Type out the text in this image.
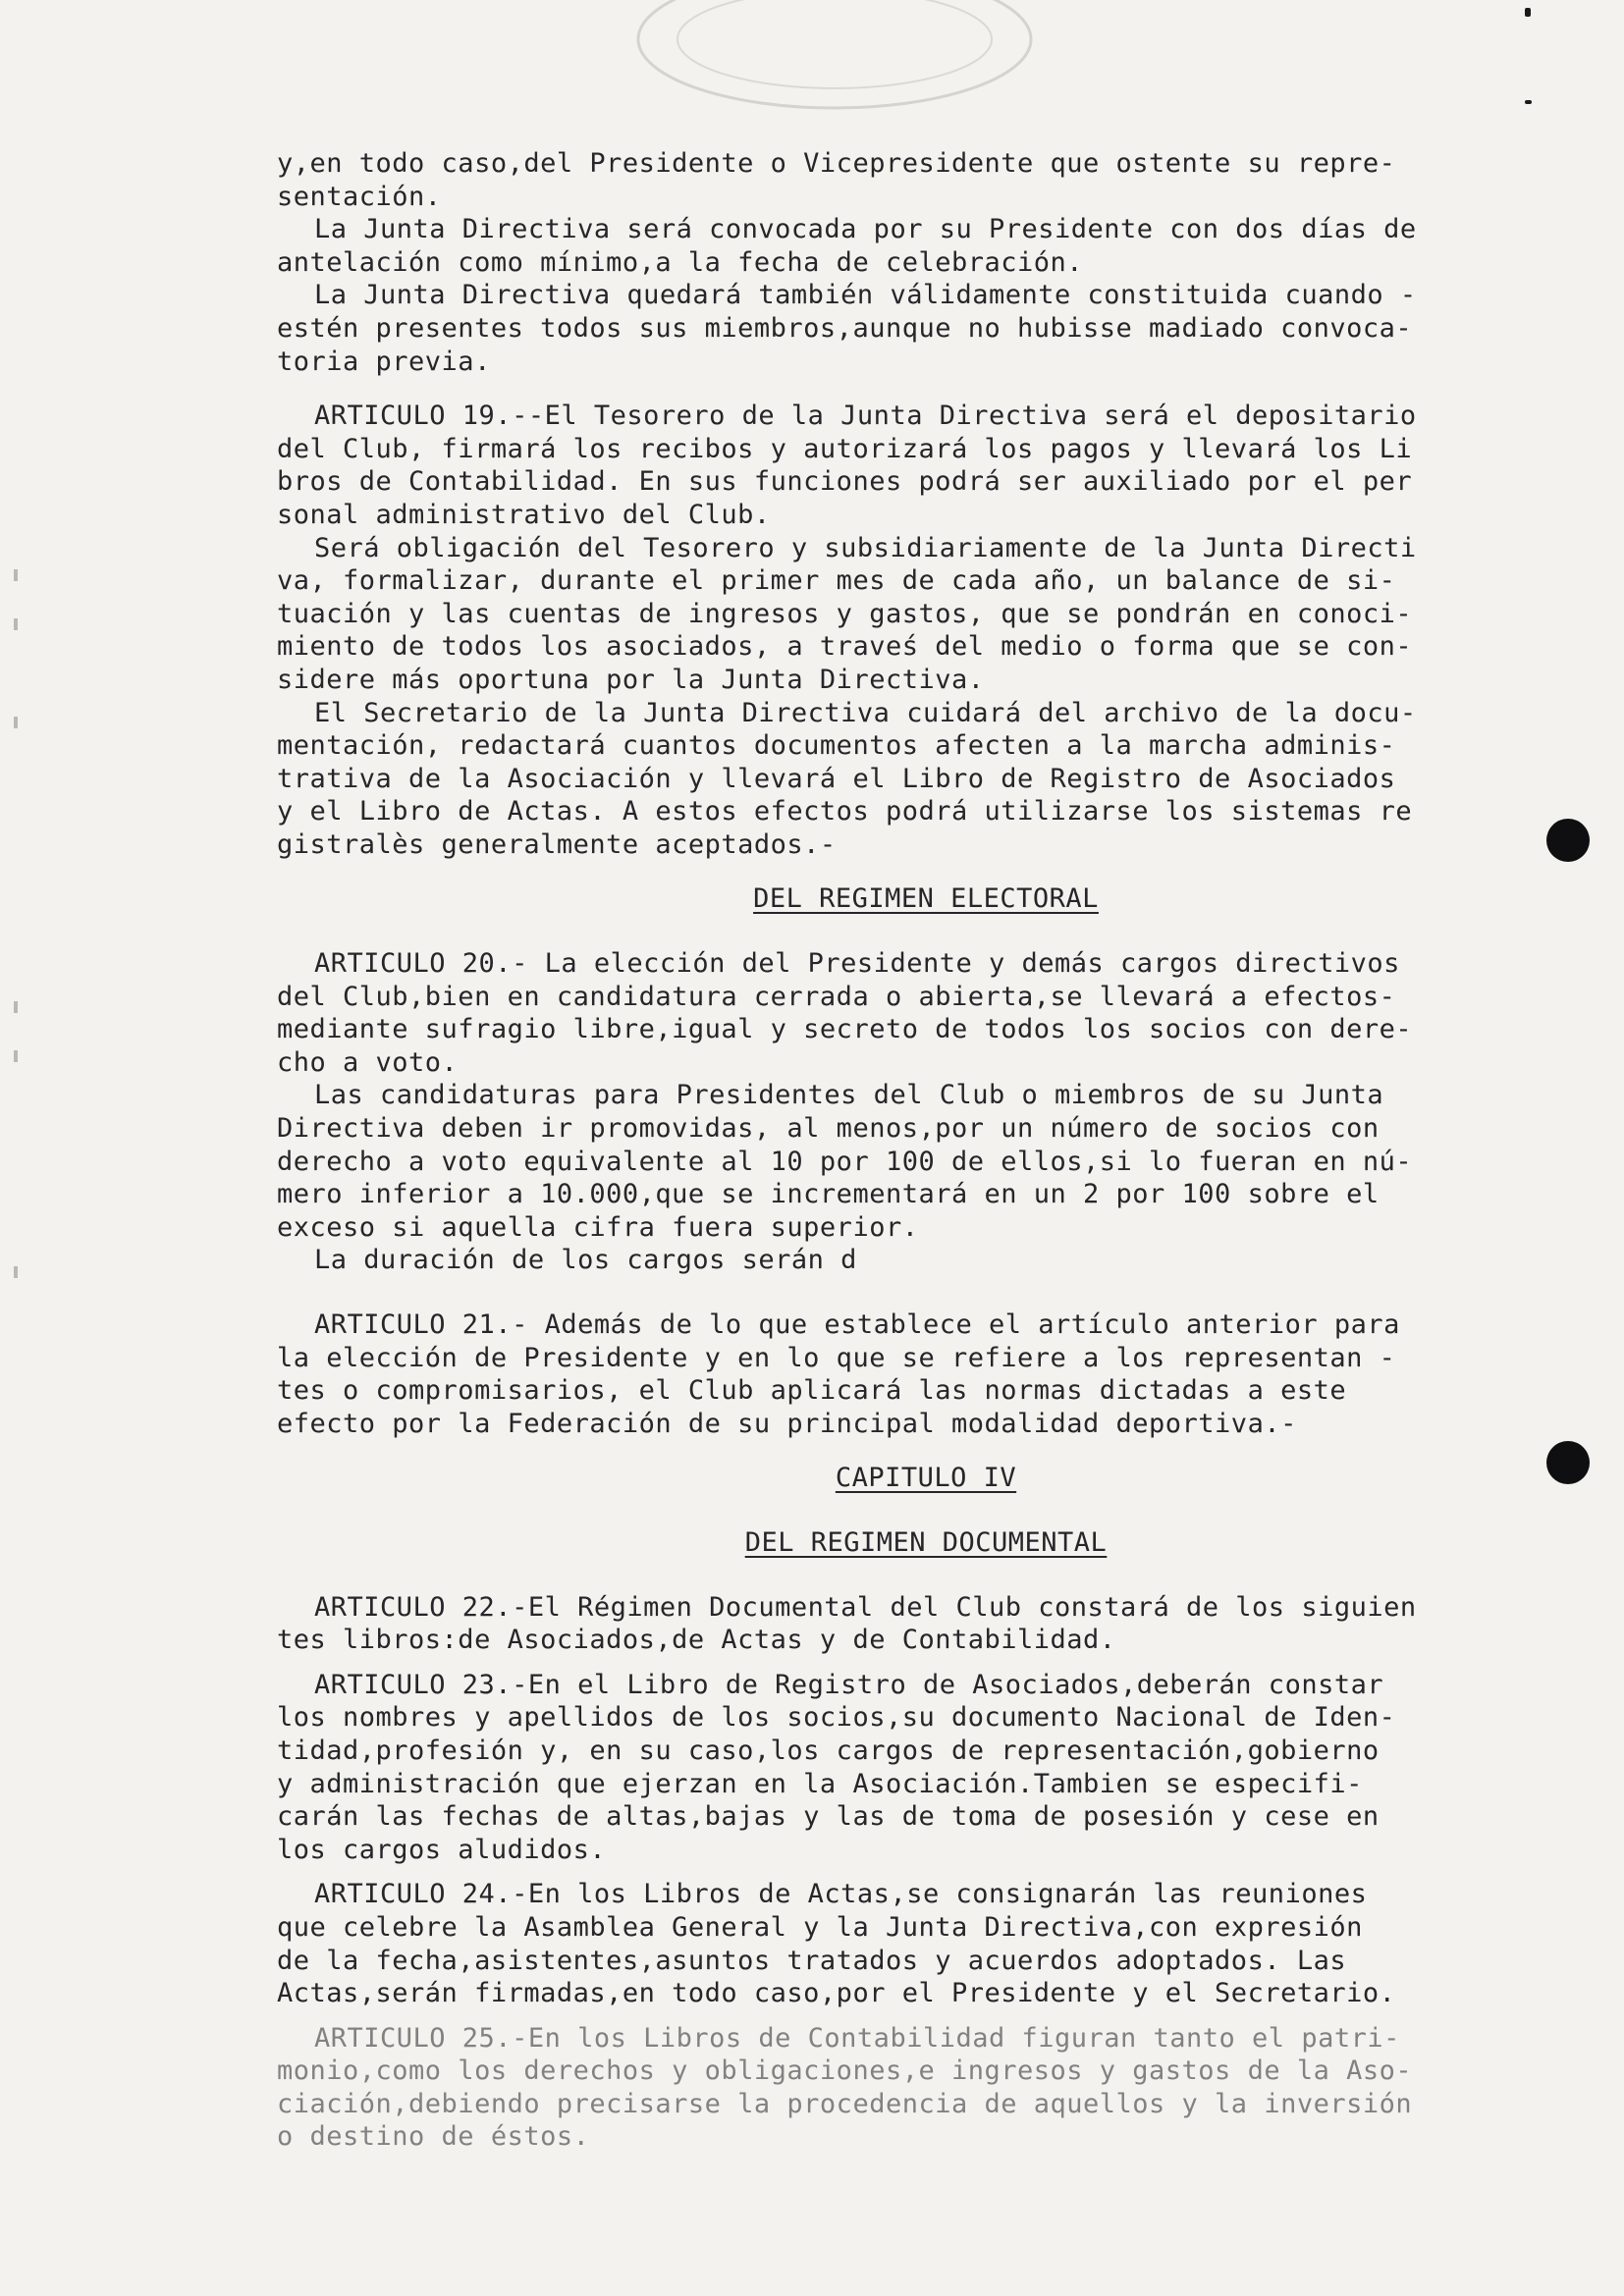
y,en todo caso,del Presidente o Vicepresidente que ostente su repre-
sentación.
La Junta Directiva será convocada por su Presidente con dos días de
antelación como mínimo,a la fecha de celebración.
La Junta Directiva quedará también válidamente constituida cuando -
estén presentes todos sus miembros,aunque no hubisse madiado convoca-
toria previa.
ARTICULO 19.--El Tesorero de la Junta Directiva será el depositario
del Club, firmará los recibos y autorizará los pagos y llevará los Li
bros de Contabilidad. En sus funciones podrá ser auxiliado por el per
sonal administrativo del Club.
Será obligación del Tesorero y subsidiariamente de la Junta Directi
va, formalizar, durante el primer mes de cada año, un balance de si-
tuación y las cuentas de ingresos y gastos, que se pondrán en conoci-
miento de todos los asociados, a traveś del medio o forma que se con-
sidere más oportuna por la Junta Directiva.
El Secretario de la Junta Directiva cuidará del archivo de la docu-
mentación, redactará cuantos documentos afecten a la marcha adminis-
trativa de la Asociación y llevará el Libro de Registro de Asociados
y el Libro de Actas. A estos efectos podrá utilizarse los sistemas re
gistralès generalmente aceptados.-
DEL REGIMEN ELECTORAL
ARTICULO 20.- La elección del Presidente y demás cargos directivos
del Club,bien en candidatura cerrada o abierta,se llevará a efectos-
mediante sufragio libre,igual y secreto de todos los socios con dere-
cho a voto.
Las candidaturas para Presidentes del Club o miembros de su Junta
Directiva deben ir promovidas, al menos,por un número de socios con
derecho a voto equivalente al 10 por 100 de ellos,si lo fueran en nú-
mero inferior a 10.000,que se incrementará en un 2 por 100 sobre el
exceso si aquella cifra fuera superior.
La duración de los cargos serán d
ARTICULO 21.- Además de lo que establece el artículo anterior para
la elección de Presidente y en lo que se refiere a los representan -
tes o compromisarios, el Club aplicará las normas dictadas a este
efecto por la Federación de su principal modalidad deportiva.-
CAPITULO IV
DEL REGIMEN DOCUMENTAL
ARTICULO 22.-El Régimen Documental del Club constará de los siguien
tes libros:de Asociados,de Actas y de Contabilidad.
ARTICULO 23.-En el Libro de Registro de Asociados,deberán constar
los nombres y apellidos de los socios,su documento Nacional de Iden-
tidad,profesión y, en su caso,los cargos de representación,gobierno
y administración que ejerzan en la Asociación.Tambien se especifi-
carán las fechas de altas,bajas y las de toma de posesión y cese en
los cargos aludidos.
ARTICULO 24.-En los Libros de Actas,se consignarán las reuniones
que celebre la Asamblea General y la Junta Directiva,con expresión
de la fecha,asistentes,asuntos tratados y acuerdos adoptados. Las
Actas,serán firmadas,en todo caso,por el Presidente y el Secretario.
ARTICULO 25.-En los Libros de Contabilidad figuran tanto el patri-
monio,como los derechos y obligaciones,e ingresos y gastos de la Aso-
ciación,debiendo precisarse la procedencia de aquellos y la inversión
o destino de éstos.
